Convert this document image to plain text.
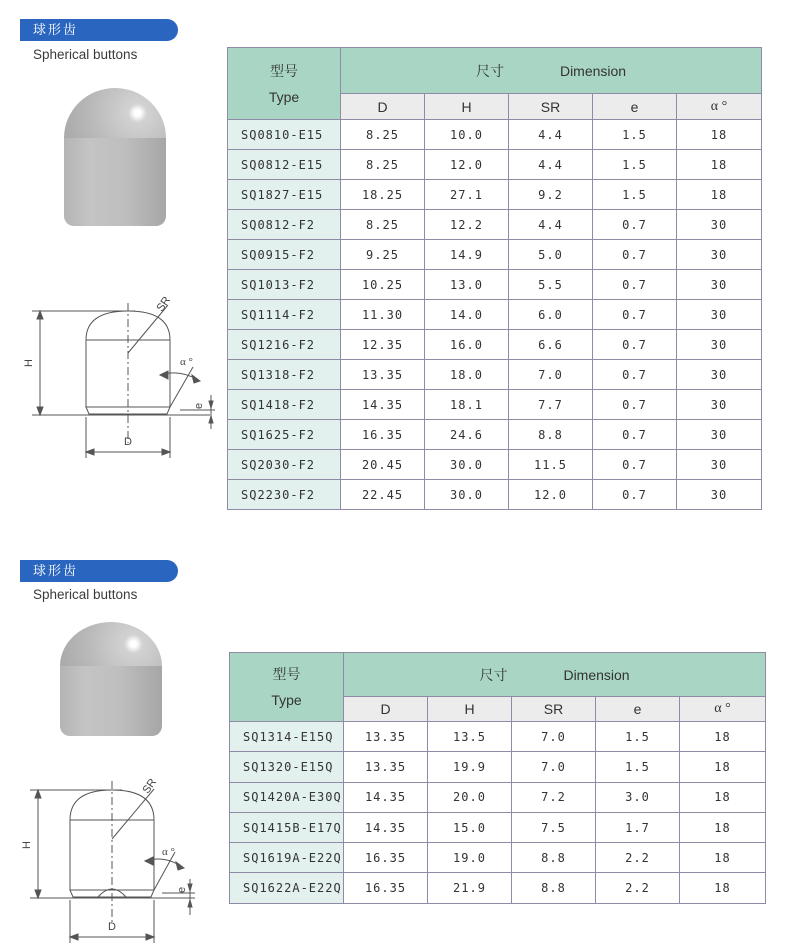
球形齿
Spherical buttons
H
D
SR
α °
e
型号
Type	尺寸 Dimension				
	D	H	SR	e	α °
SQ0810-E15	8.25	10.0	4.4	1.5	18
SQ0812-E15	8.25	12.0	4.4	1.5	18
SQ1827-E15	18.25	27.1	9.2	1.5	18
SQ0812-F2	8.25	12.2	4.4	0.7	30
SQ0915-F2	9.25	14.9	5.0	0.7	30
SQ1013-F2	10.25	13.0	5.5	0.7	30
SQ1114-F2	11.30	14.0	6.0	0.7	30
SQ1216-F2	12.35	16.0	6.6	0.7	30
SQ1318-F2	13.35	18.0	7.0	0.7	30
SQ1418-F2	14.35	18.1	7.7	0.7	30
SQ1625-F2	16.35	24.6	8.8	0.7	30
SQ2030-F2	20.45	30.0	11.5	0.7	30
SQ2230-F2	22.45	30.0	12.0	0.7	30
球形齿
Spherical buttons
H
D
SR
α °
e
型号
Type	尺寸 Dimension				
	D	H	SR	e	α °
SQ1314-E15Q	13.35	13.5	7.0	1.5	18
SQ1320-E15Q	13.35	19.9	7.0	1.5	18
SQ1420A-E30Q	14.35	20.0	7.2	3.0	18
SQ1415B-E17Q	14.35	15.0	7.5	1.7	18
SQ1619A-E22Q	16.35	19.0	8.8	2.2	18
SQ1622A-E22Q	16.35	21.9	8.8	2.2	18
